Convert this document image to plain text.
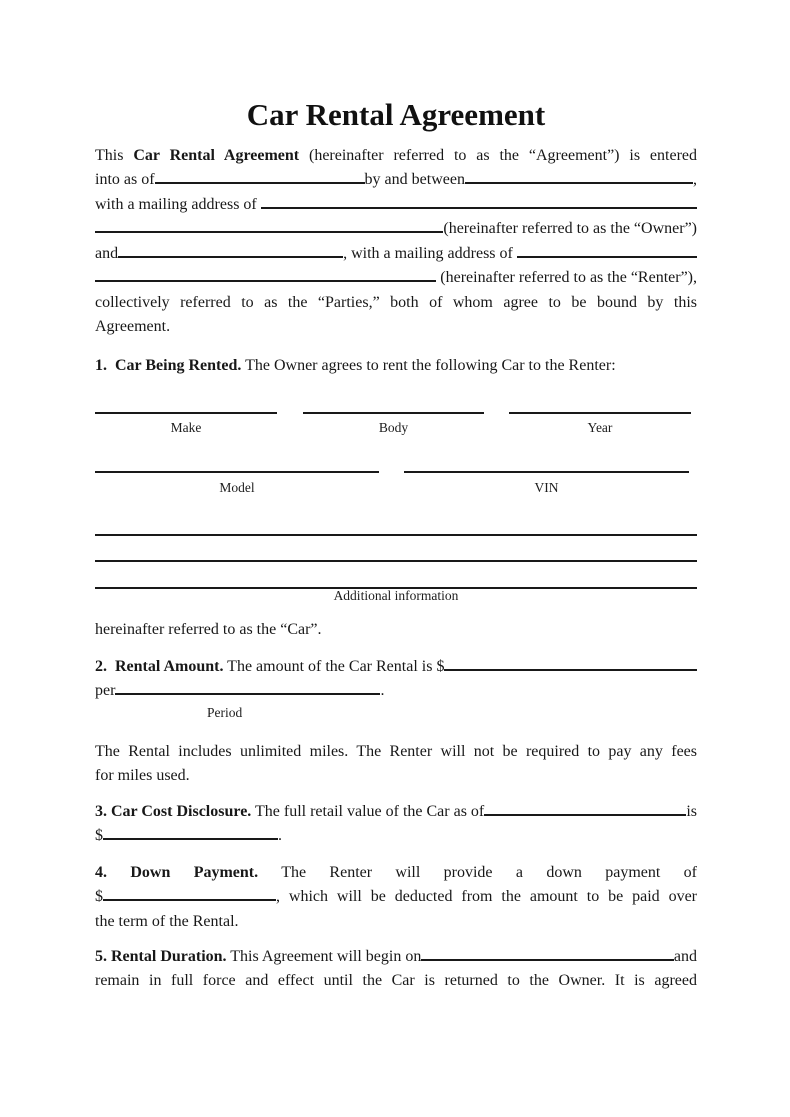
Car Rental Agreement
This Car Rental Agreement (hereinafter referred to as the “Agreement”) is entered
into as of	by and between	,
with a mailing address of
(hereinafter referred to as the “Owner”)
and	, with a mailing address of
(hereinafter referred to as the “Renter”),
collectively referred to as the “Parties,” both of whom agree to be bound by this
Agreement.
1.  Car Being Rented. The Owner agrees to rent the following Car to the Renter:
Make	Body	Year
Model	VIN
Additional information
hereinafter referred to as the “Car”.
2.  Rental Amount. The amount of the Car Rental is $
per	.
Period
The Rental includes unlimited miles. The Renter will not be required to pay any fees
for miles used.
3. Car Cost Disclosure. The full retail value of the Car as of	is
$	.
4. Down Payment. The Renter will provide a down payment of
$	, which will be deducted from the amount to be paid over
the term of the Rental.
5. Rental Duration. This Agreement will begin on	and
remain in full force and effect until the Car is returned to the Owner. It is agreed
